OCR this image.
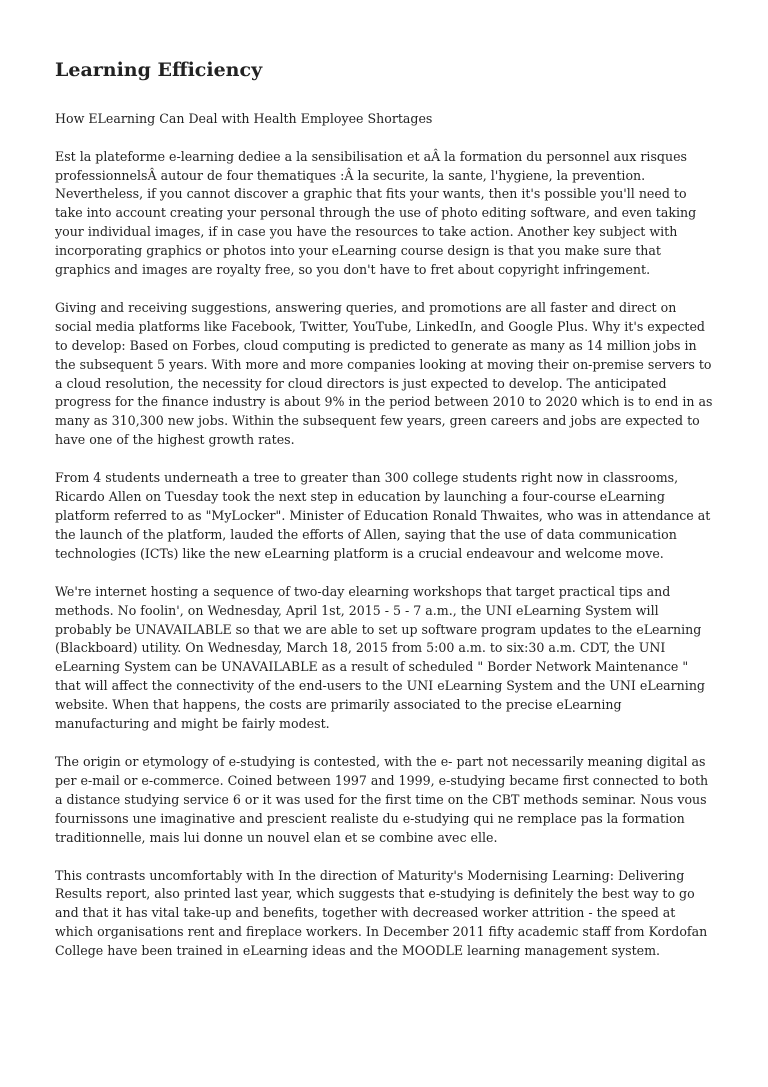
Learning Efficiency

How ELearning Can Deal with Health Employee Shortages

Est la plateforme e-learning dediee a la sensibilisation et aÂ la formation du personnel aux risques professionnelsÂ autour de four thematiques :Â la securite, la sante, l'hygiene, la prevention. Nevertheless, if you cannot discover a graphic that fits your wants, then it's possible you'll need to take into account creating your personal through the use of photo editing software, and even taking your individual images, if in case you have the resources to take action. Another key subject with incorporating graphics or photos into your eLearning course design is that you make sure that graphics and images are royalty free, so you don't have to fret about copyright infringement.

Giving and receiving suggestions, answering queries, and promotions are all faster and direct on social media platforms like Facebook, Twitter, YouTube, LinkedIn, and Google Plus. Why it's expected to develop: Based on Forbes, cloud computing is predicted to generate as many as 14 million jobs in the subsequent 5 years. With more and more companies looking at moving their on-premise servers to a cloud resolution, the necessity for cloud directors is just expected to develop. The anticipated progress for the finance industry is about 9% in the period between 2010 to 2020 which is to end in as many as 310,300 new jobs. Within the subsequent few years, green careers and jobs are expected to have one of the highest growth rates.

From 4 students underneath a tree to greater than 300 college students right now in classrooms, Ricardo Allen on Tuesday took the next step in education by launching a four-course eLearning platform referred to as "MyLocker". Minister of Education Ronald Thwaites, who was in attendance at the launch of the platform, lauded the efforts of Allen, saying that the use of data communication technologies (ICTs) like the new eLearning platform is a crucial endeavour and welcome move.

We're internet hosting a sequence of two-day elearning workshops that target practical tips and methods. No foolin', on Wednesday, April 1st, 2015 - 5 - 7 a.m., the UNI eLearning System will probably be UNAVAILABLE so that we are able to set up software program updates to the eLearning (Blackboard) utility. On Wednesday, March 18, 2015 from 5:00 a.m. to six:30 a.m. CDT, the UNI eLearning System can be UNAVAILABLE as a result of scheduled " Border Network Maintenance " that will affect the connectivity of the end-users to the UNI eLearning System and the UNI eLearning website. When that happens, the costs are primarily associated to the precise eLearning manufacturing and might be fairly modest.

The origin or etymology of e-studying is contested, with the e- part not necessarily meaning digital as per e-mail or e-commerce. Coined between 1997 and 1999, e-studying became first connected to both a distance studying service 6 or it was used for the first time on the CBT methods seminar. Nous vous fournissons une imaginative and prescient realiste du e-studying qui ne remplace pas la formation traditionnelle, mais lui donne un nouvel elan et se combine avec elle.

This contrasts uncomfortably with In the direction of Maturity's Modernising Learning: Delivering Results report, also printed last year, which suggests that e-studying is definitely the best way to go and that it has vital take-up and benefits, together with decreased worker attrition - the speed at which organisations rent and fireplace workers. In December 2011 fifty academic staff from Kordofan College have been trained in eLearning ideas and the MOODLE learning management system.
